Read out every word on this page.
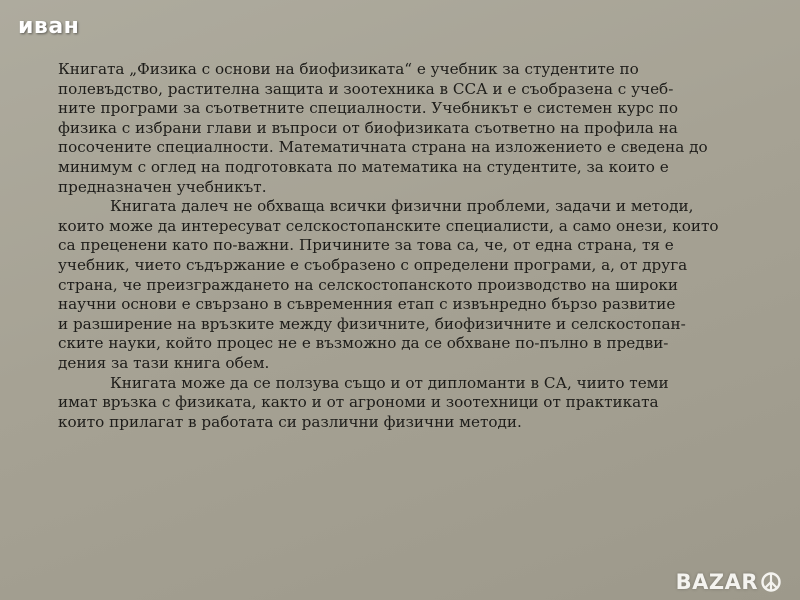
иван
Книгата „Физика с основи на биофизиката“ е учебник за студентите по
полевъдство, растителна защита и зоотехника в ССА и е съобразена с учеб-
ните програми за съответните специалности. Учебникът е системен курс по
физика с избрани глави и въпроси от биофизиката съответно на профила на
посочените специалности. Математичната страна на изложението е сведена до
минимум с оглед на подготовката по математика на студентите, за които е
предназначен учебникът.
Книгата далеч не обхваща всички физични проблеми, задачи и методи,
които може да интересуват селскостопанските специалисти, а само онези, които
са преценени като по-важни. Причините за това са, че, от една страна, тя е
учебник, чието съдържание е съобразено с определени програми, а, от друга
страна, че преизграждането на селскостопанското производство на широки
научни основи е свързано в съвременния етап с извънредно бързо развитие
и разширение на връзките между физичните, биофизичните и селскостопан-
ските науки, който процес не е възможно да се обхване по-пълно в предви-
дения за тази книга обем.
Книгата може да се ползува също и от дипломанти в СА, чиито теми
имат връзка с физиката, както и от агрономи и зоотехници от практиката
които прилагат в работата си различни физични методи.
BAZAR
